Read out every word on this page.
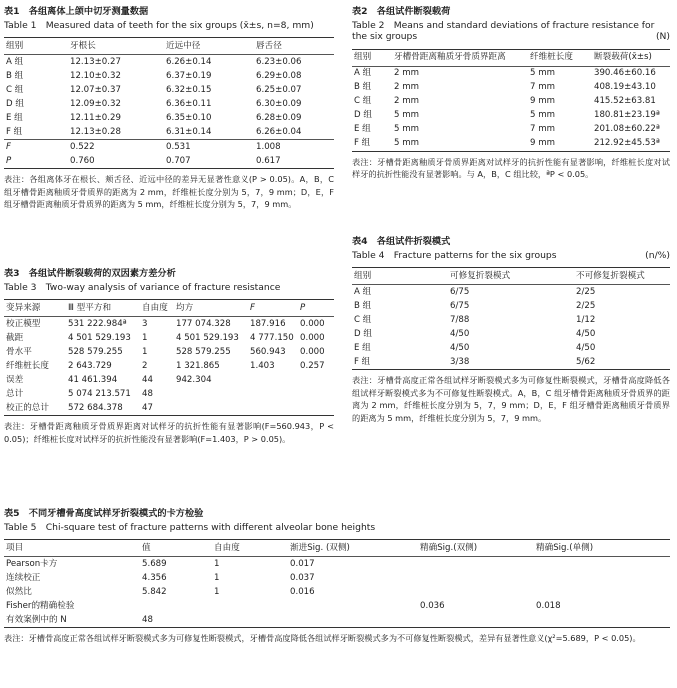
表1　各组离体上颌中切牙测量数据

Table 1　Measured data of teeth for the six groups (x̄±s, n=8, mm)

组别	牙根长	近远中径	唇舌径
A 组	12.13±0.27	6.26±0.14	6.23±0.06
B 组	12.10±0.32	6.37±0.19	6.29±0.08
C 组	12.07±0.37	6.32±0.15	6.25±0.07
D 组	12.09±0.32	6.36±0.11	6.30±0.09
E 组	12.11±0.29	6.35±0.10	6.28±0.09
F 组	12.13±0.28	6.31±0.14	6.26±0.04
F	0.522	0.531	1.008
P	0.760	0.707	0.617

表注：各组离体牙在根长、颊舌径、近远中径的差异无显著性意义(P > 0.05)。A，B，C 组牙槽骨距离釉质牙骨质界的距离为 2 mm，纤维桩长度分别为 5，7，9 mm；D，E，F 组牙槽骨距离釉质牙骨质界的距离为 5 mm，纤维桩长度分别为 5，7，9 mm。

表2　各组试件断裂载荷

Table 2　Means and standard deviations of fracture resistance for

the six groups	(N)
组别	牙槽骨距离釉质牙骨质界距离	纤维桩长度	断裂载荷(x̄±s)
A 组	2 mm	5 mm	390.46±60.16
B 组	2 mm	7 mm	408.19±43.10
C 组	2 mm	9 mm	415.52±63.81
D 组	5 mm	5 mm	180.81±23.19ª
E 组	5 mm	7 mm	201.08±60.22ª
F 组	5 mm	9 mm	212.92±45.53ª

表注：牙槽骨距离釉质牙骨质界距离对试样牙的抗折性能有显著影响，纤维桩长度对试样牙的抗折性能没有显著影响。与 A，B，C 组比较，ªP < 0.05。

表3　各组试件断裂载荷的双因素方差分析

Table 3　Two-way analysis of variance of fracture resistance

变异来源	Ⅲ 型平方和	自由度	均方	F	P
校正模型	531 222.984ª	3	177 074.328	187.916	0.000
截距	4 501 529.193	1	4 501 529.193	4 777.150	0.000
骨水平	528 579.255	1	528 579.255	560.943	0.000
纤维桩长度	2 643.729	2	1 321.865	1.403	0.257
误差	41 461.394	44	942.304		
总计	5 074 213.571	48			
校正的总计	572 684.378	47			

表注：牙槽骨距离釉质牙骨质界距离对试样牙的抗折性能有显著影响(F=560.943，P < 0.05)；纤维桩长度对试样牙的抗折性能没有显著影响(F=1.403，P > 0.05)。

表4　各组试件折裂模式

Table 4　Fracture patterns for the six groups	(n/%)
组别	可修复折裂模式	不可修复折裂模式
A 组	6/75	2/25
B 组	6/75	2/25
C 组	7/88	1/12
D 组	4/50	4/50
E 组	4/50	4/50
F 组	3/38	5/62

表注：牙槽骨高度正常各组试样牙断裂模式多为可修复性断裂模式，牙槽骨高度降低各组试样牙断裂模式多为不可修复性断裂模式。A，B，C 组牙槽骨距离釉质牙骨质界的距离为 2 mm，纤维桩长度分别为 5，7，9 mm；D，E，F 组牙槽骨距离釉质牙骨质界的距离为 5 mm，纤维桩长度分别为 5，7，9 mm。

表5　不同牙槽骨高度试样牙折裂模式的卡方检验

Table 5　Chi-square test of fracture patterns with different alveolar bone heights

项目	值	自由度	渐进Sig. (双侧)	精确Sig.(双侧)	精确Sig.(单侧)
Pearson卡方	5.689	1	0.017		
连续校正	4.356	1	0.037		
似然比	5.842	1	0.016		
Fisher的精确检验				0.036	0.018
有效案例中的 N	48				

表注：牙槽骨高度正常各组试样牙断裂模式多为可修复性断裂模式，牙槽骨高度降低各组试样牙断裂模式多为不可修复性断裂模式，差异有显著性意义(χ²=5.689，P < 0.05)。
